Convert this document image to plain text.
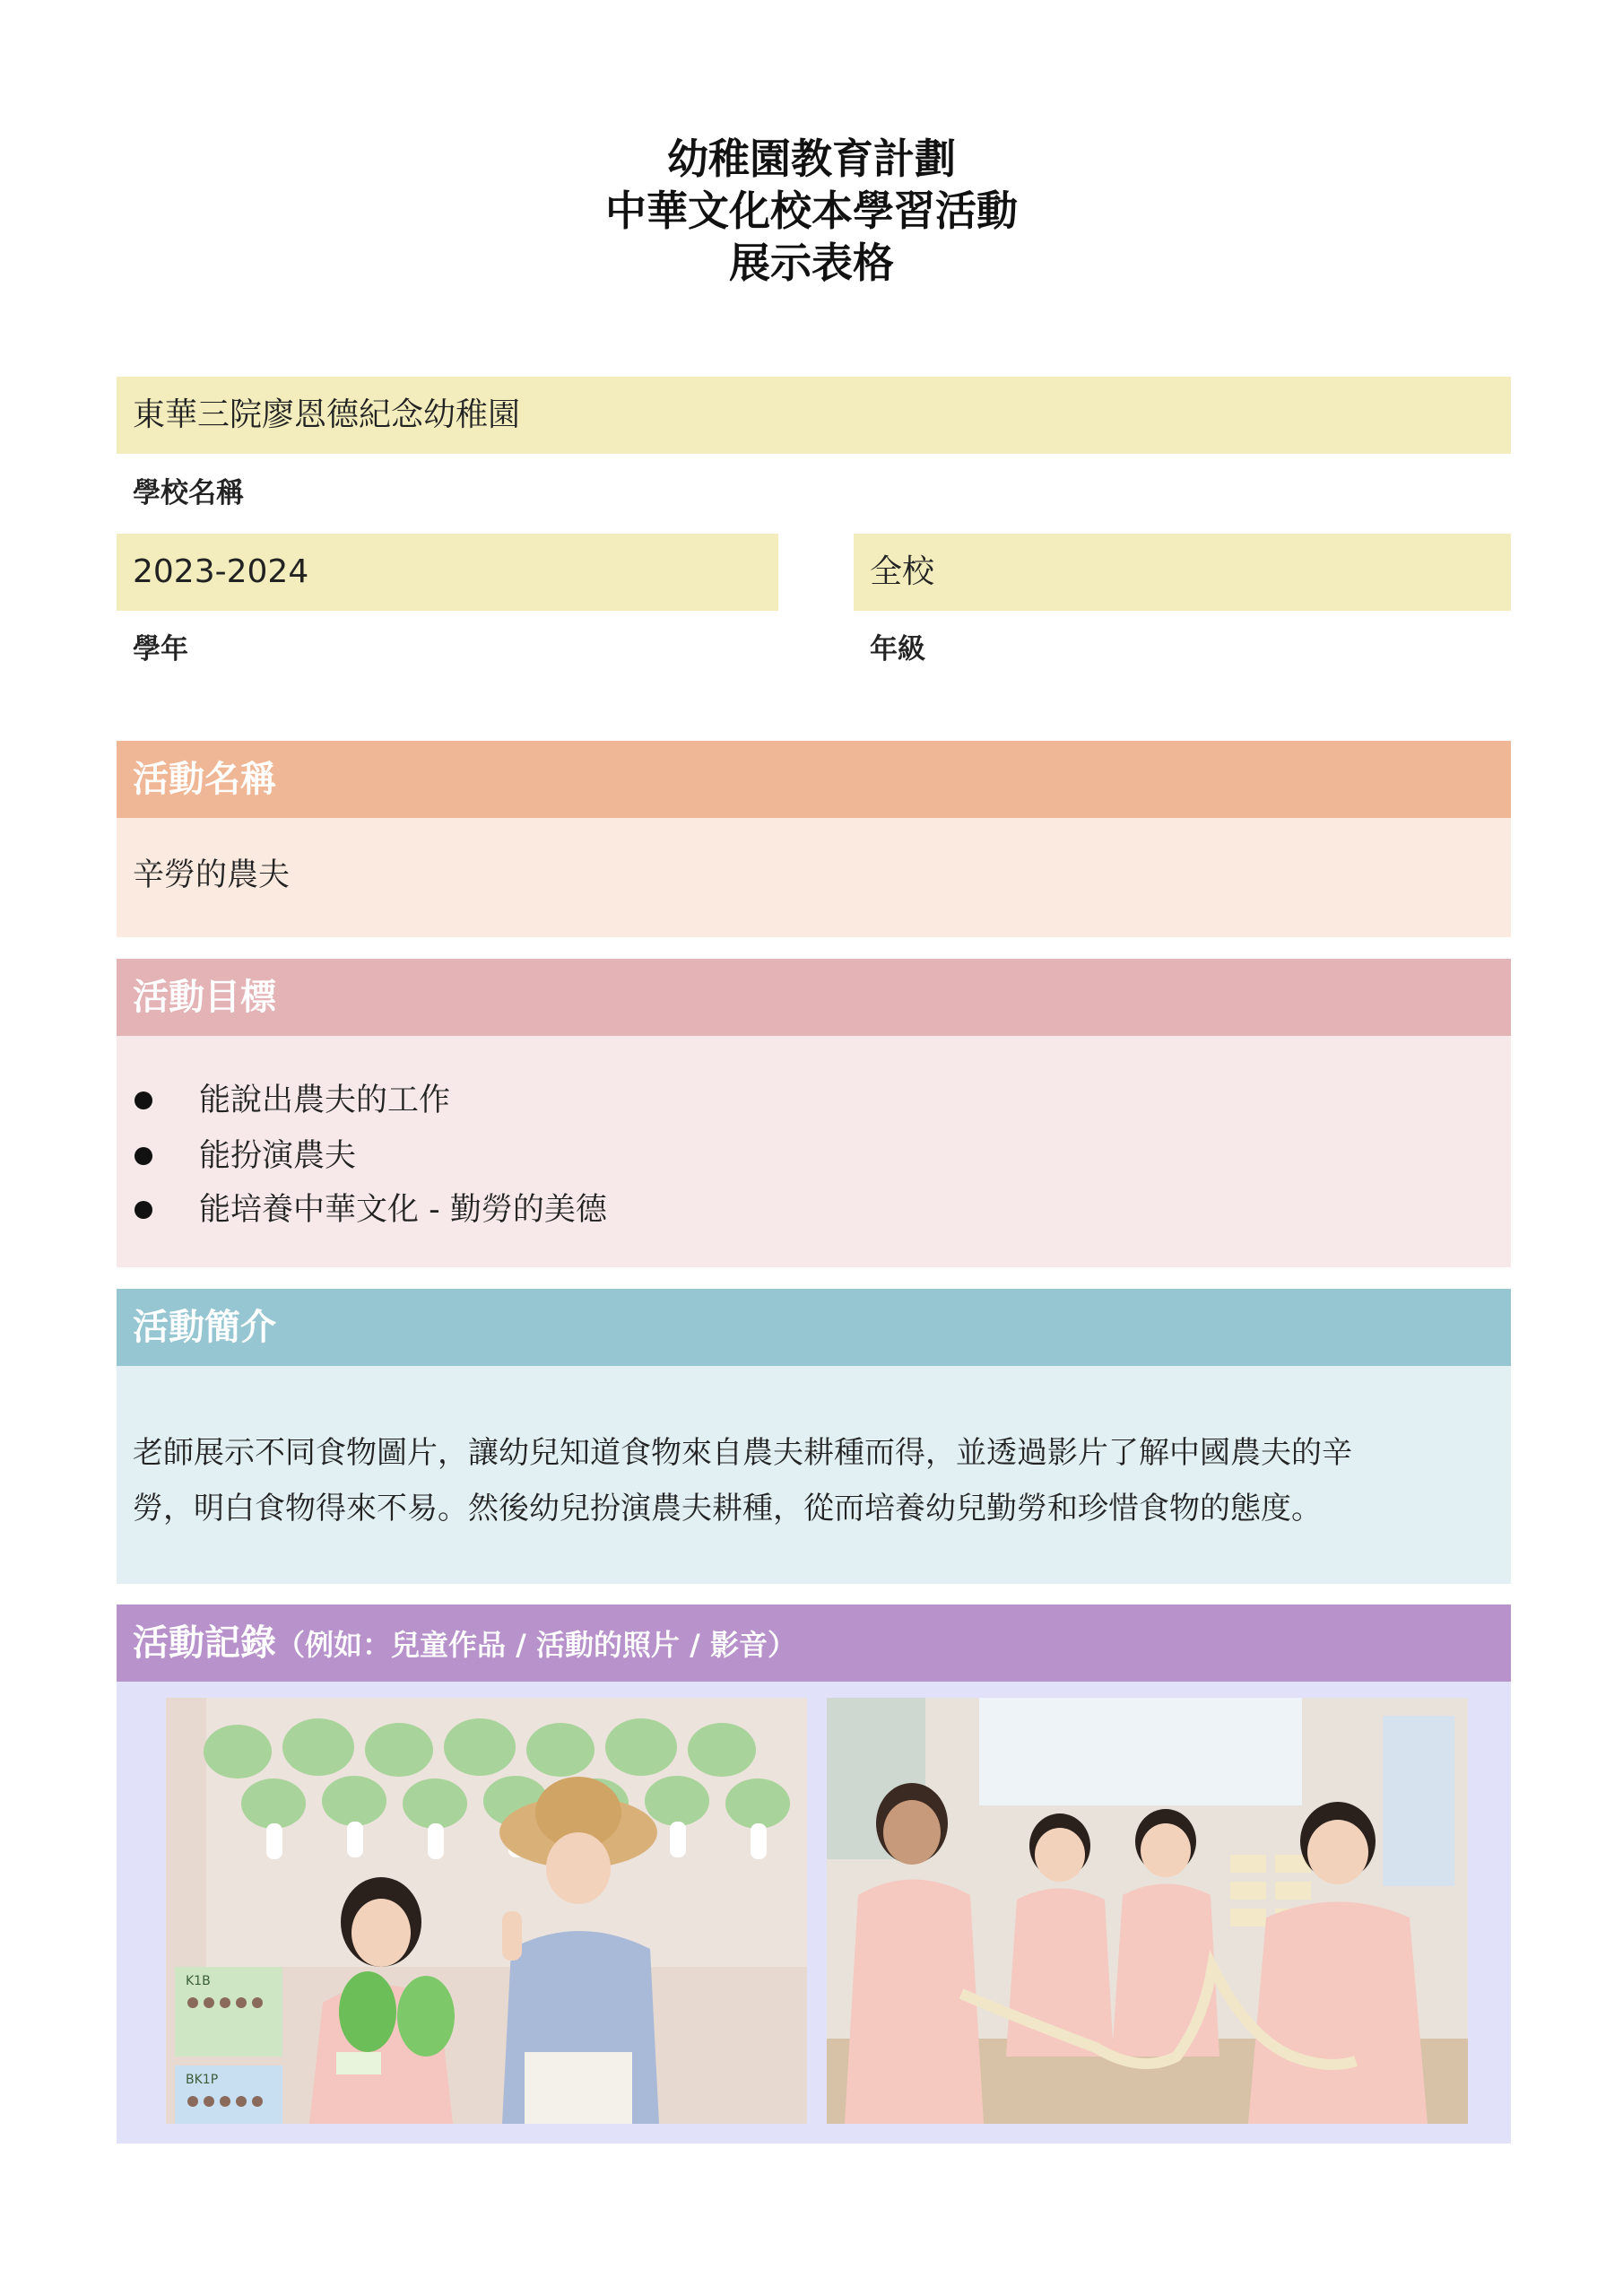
幼稚園教育計劃
中華文化校本學習活動
展示表格
東華三院廖恩德紀念幼稚園
學校名稱
2023-2024
學年
全校
年級
活動名稱
辛勞的農夫
活動目標
能說出農夫的工作
能扮演農夫
能培養中華文化 - 勤勞的美德
活動簡介
老師展示不同食物圖片，讓幼兒知道食物來自農夫耕種而得，並透過影片了解中國農夫的辛
勞，明白食物得來不易。然後幼兒扮演農夫耕種，從而培養幼兒勤勞和珍惜食物的態度。
活動記錄（例如：兒童作品 / 活動的照片 / 影音）
K1B
BK1P
